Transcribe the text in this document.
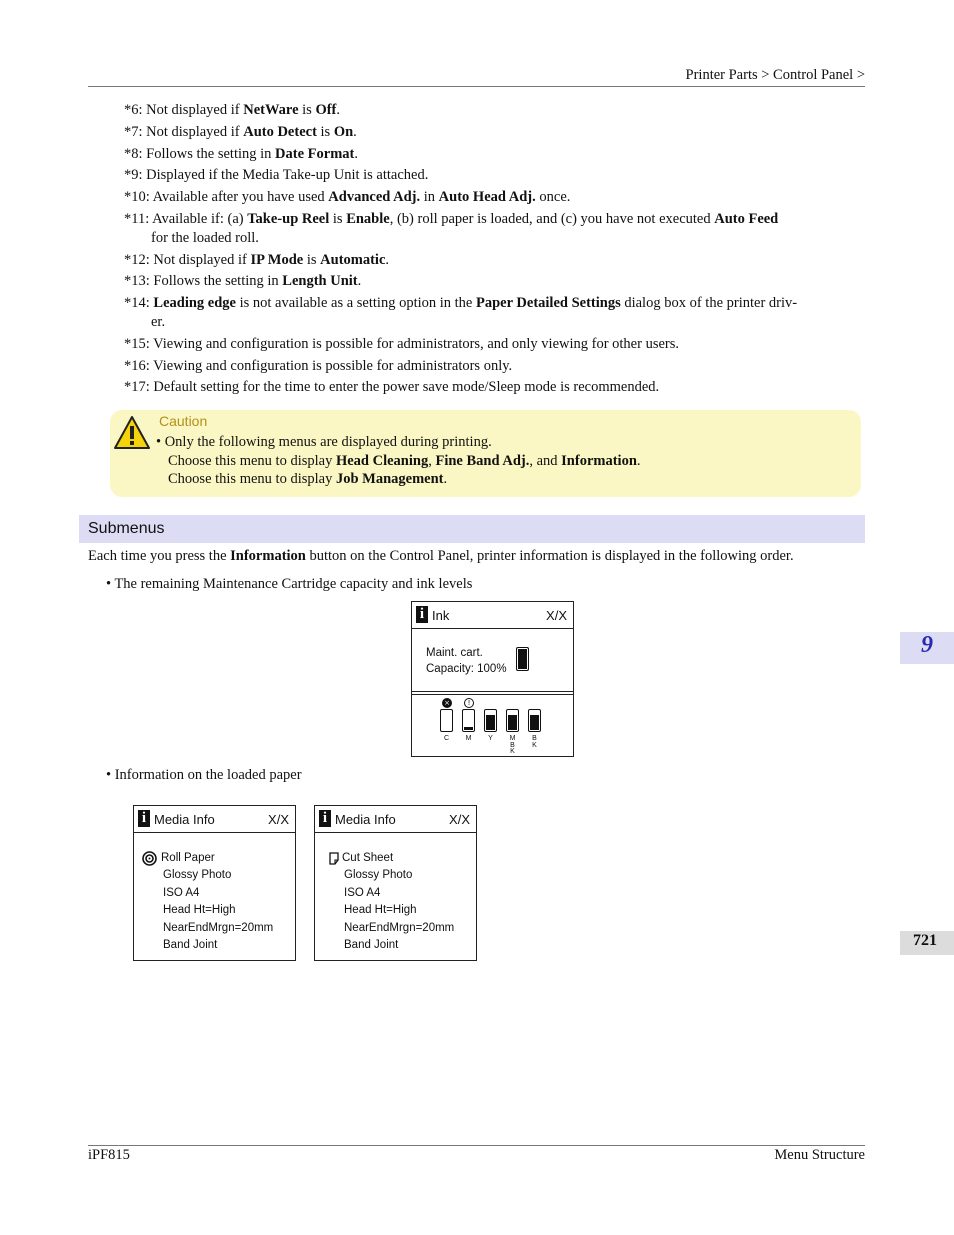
Printer Parts > Control Panel >
*6: Not displayed if NetWare is Off.
*7: Not displayed if Auto Detect is On.
*8: Follows the setting in Date Format.
*9: Displayed if the Media Take-up Unit is attached.
*10: Available after you have used Advanced Adj. in Auto Head Adj. once.
*11: Available if: (a) Take-up Reel is Enable, (b) roll paper is loaded, and (c) you have not executed Auto Feed
for the loaded roll.
*12: Not displayed if IP Mode is Automatic.
*13: Follows the setting in Length Unit.
*14: Leading edge is not available as a setting option in the Paper Detailed Settings dialog box of the printer driv-
er.
*15: Viewing and configuration is possible for administrators, and only viewing for other users.
*16: Viewing and configuration is possible for administrators only.
*17: Default setting for the time to enter the power save mode/Sleep mode is recommended.
Caution
• Only the following menus are displayed during printing.
Choose this menu to display Head Cleaning, Fine Band Adj., and Information.
Choose this menu to display Job Management.
Submenus
Each time you press the Information button on the Control Panel, printer information is displayed in the following order.
• The remaining Maintenance Cartridge capacity and ink levels
i Ink	X/X
Maint. cart.
Capacity: 100%
×
C
!
M	Y	M
B
K
B
K
• Information on the loaded paper
i Media Info	X/X
Roll Paper
Glossy Photo
ISO A4
Head Ht=High
NearEndMrgn=20mm
Band Joint
i Media Info	X/X
Cut Sheet
Glossy Photo
ISO A4
Head Ht=High
NearEndMrgn=20mm
Band Joint
9
721
iPF815	Menu Structure
